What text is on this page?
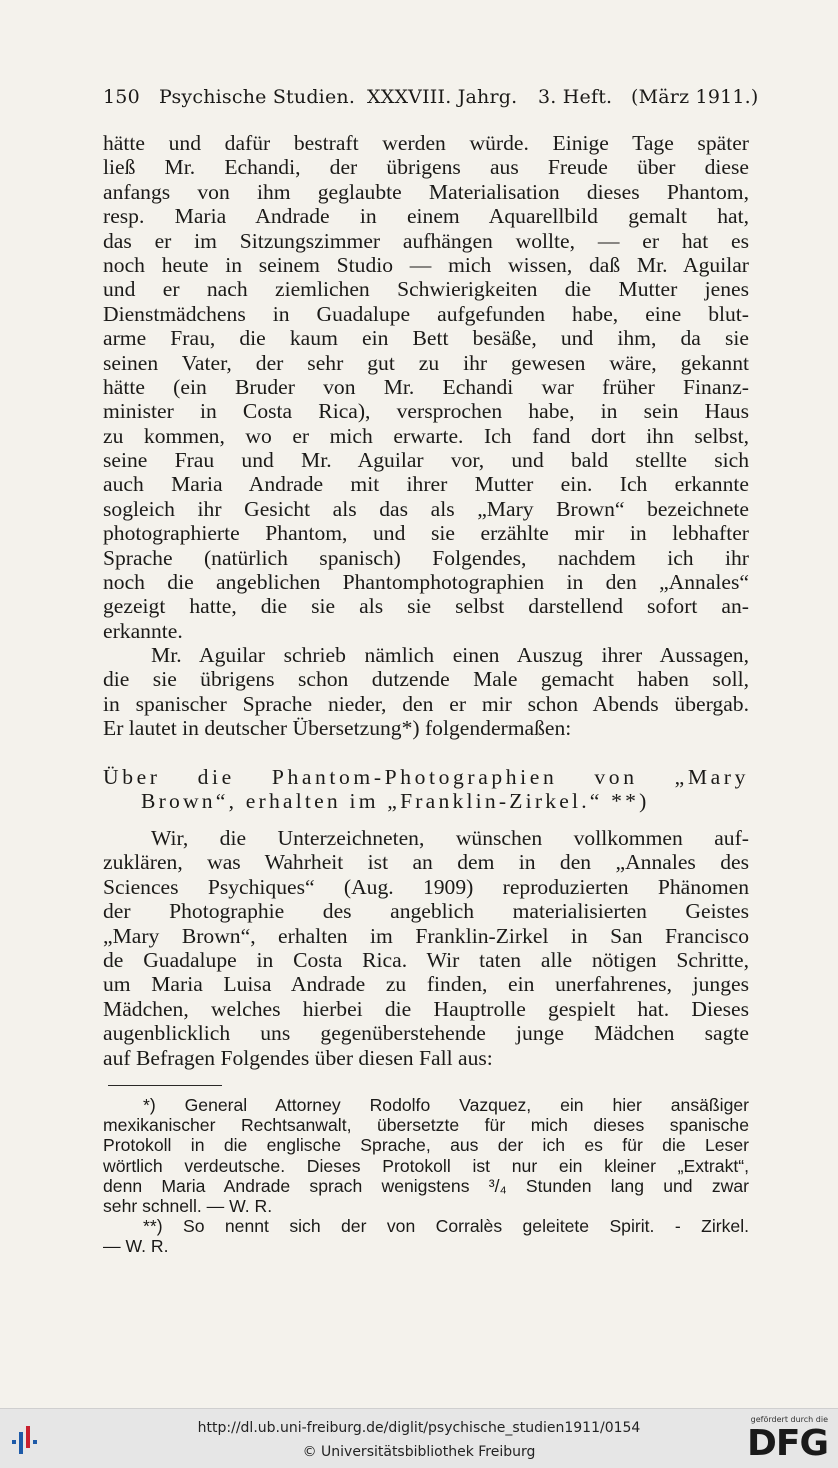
150 Psychische Studien. XXXVIII. Jahrg. 3. Heft. (März 1911.)
hätte und dafür bestraft werden würde. Einige Tage später
ließ Mr. Echandi, der übrigens aus Freude über diese
anfangs von ihm geglaubte Materialisation dieses Phantom,
resp. Maria Andrade in einem Aquarellbild gemalt hat,
das er im Sitzungszimmer aufhängen wollte, — er hat es
noch heute in seinem Studio — mich wissen, daß Mr. Aguilar
und er nach ziemlichen Schwierigkeiten die Mutter jenes
Dienstmädchens in Guadalupe aufgefunden habe, eine blut-
arme Frau, die kaum ein Bett besäße, und ihm, da sie
seinen Vater, der sehr gut zu ihr gewesen wäre, gekannt
hätte (ein Bruder von Mr. Echandi war früher Finanz-
minister in Costa Rica), versprochen habe, in sein Haus
zu kommen, wo er mich erwarte. Ich fand dort ihn selbst,
seine Frau und Mr. Aguilar vor, und bald stellte sich
auch Maria Andrade mit ihrer Mutter ein. Ich erkannte
sogleich ihr Gesicht als das als „Mary Brown“ bezeichnete
photographierte Phantom, und sie erzählte mir in lebhafter
Sprache (natürlich spanisch) Folgendes, nachdem ich ihr
noch die angeblichen Phantomphotographien in den „Annales“
gezeigt hatte, die sie als sie selbst darstellend sofort an-
erkannte.
Mr. Aguilar schrieb nämlich einen Auszug ihrer Aussagen,
die sie übrigens schon dutzende Male gemacht haben soll,
in spanischer Sprache nieder, den er mir schon Abends übergab.
Er lautet in deutscher Übersetzung*) folgendermaßen:
Über die Phantom-Photographien von „Mary
Brown“, erhalten im „Franklin-Zirkel.“ **)
Wir, die Unterzeichneten, wünschen vollkommen auf-
zuklären, was Wahrheit ist an dem in den „Annales des
Sciences Psychiques“ (Aug. 1909) reproduzierten Phänomen
der Photographie des angeblich materialisierten Geistes
„Mary Brown“, erhalten im Franklin-Zirkel in San Francisco
de Guadalupe in Costa Rica. Wir taten alle nötigen Schritte,
um Maria Luisa Andrade zu finden, ein unerfahrenes, junges
Mädchen, welches hierbei die Hauptrolle gespielt hat. Dieses
augenblicklich uns gegenüberstehende junge Mädchen sagte
auf Befragen Folgendes über diesen Fall aus:
*) General Attorney Rodolfo Vazquez, ein hier ansäßiger
mexikanischer Rechtsanwalt, übersetzte für mich dieses spanische
Protokoll in die englische Sprache, aus der ich es für die Leser
wörtlich verdeutsche. Dieses Protokoll ist nur ein kleiner „Extrakt“,
denn Maria Andrade sprach wenigstens ³/₄ Stunden lang und zwar
sehr schnell. — W. R.
**) So nennt sich der von Corralès geleitete Spirit. - Zirkel.
— W. R.
http://dl.ub.uni-freiburg.de/diglit/psychische_studien1911/0154
© Universitätsbibliothek Freiburg
gefördert durch die
DFG
